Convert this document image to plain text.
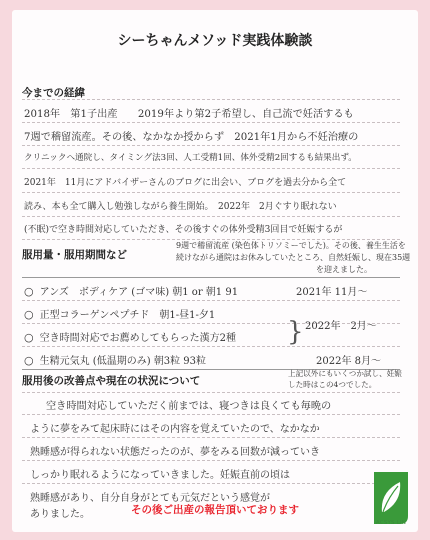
シーちゃんメソッド実践体験談
今までの経緯
2018年　第1子出産　　2019年より第2子希望し、自己流で妊活するも
7週で稽留流産。その後、なかなか授からず　2021年1月から不妊治療の
クリニックへ通院し、タイミング法3回、人工受精1回、体外受精2回するも結果出ず。
2021年　11月にアドバイザーさんのブログに出会い、ブログを過去分から全て
読み、本も全て購入し勉強しながら養生開始。　2022年　2月ぐすり眠れない
(不眠)で空き時間対応していただき、その後すぐの体外受精3回目で妊娠するが
服用量・服用期間など
9週で稽留流産 (染色体トリソミーでした)。その後、養生生活を
続けながら通院はお休みしていたところ、自然妊娠し、現在35週
を迎えました。
○ アンズ　ボディケア (ゴマ味) 朝1 or 朝1 91	2021年 11月〜
○ 正型コラーゲンペプチド　朝1-昼1-夕1
○ 空き時間対応でお薦めしてもらった漢方2種 } 2022年　2月〜
○ 生精元気丸 (低温期のみ) 朝3粒 93粒	2022年 8月〜
服用後の改善点や現在の状況について
上記以外にもいくつか試し、妊娠
した時はこの4つでした。
空き時間対応していただく前までは、寝つきは良くても毎晩の
ように夢をみて起床時にはその内容を覚えていたので、なかなか
熟睡感が得られない状態だったのが、夢をみる回数が減っていき
しっかり眠れるようになっていきました。妊娠直前の頃は
熟睡感があり、自分自身がとても元気だという感覚が
ありました。	その後ご出産の報告頂いております
ACSYS LIN
